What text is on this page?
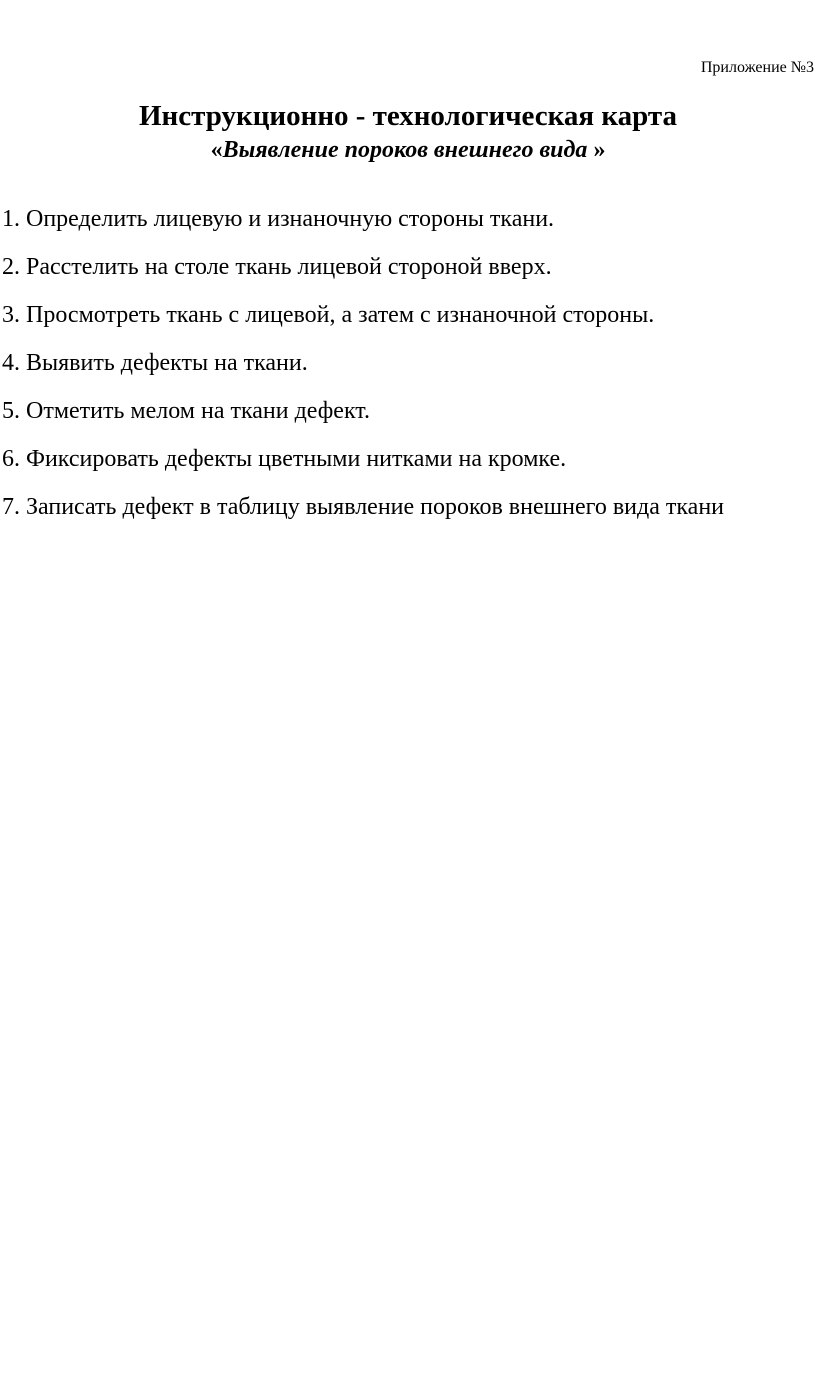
Приложение №3
Инструкционно - технологическая карта
«Выявление пороков внешнего вида »
1. Определить лицевую и изнаночную стороны ткани.
2. Расстелить на столе ткань лицевой стороной вверх.
3. Просмотреть ткань с лицевой, а затем с изнаночной стороны.
4. Выявить дефекты на ткани.
5. Отметить мелом на ткани дефект.
6. Фиксировать дефекты цветными нитками на кромке.
7. Записать дефект в таблицу выявление пороков внешнего вида ткани
